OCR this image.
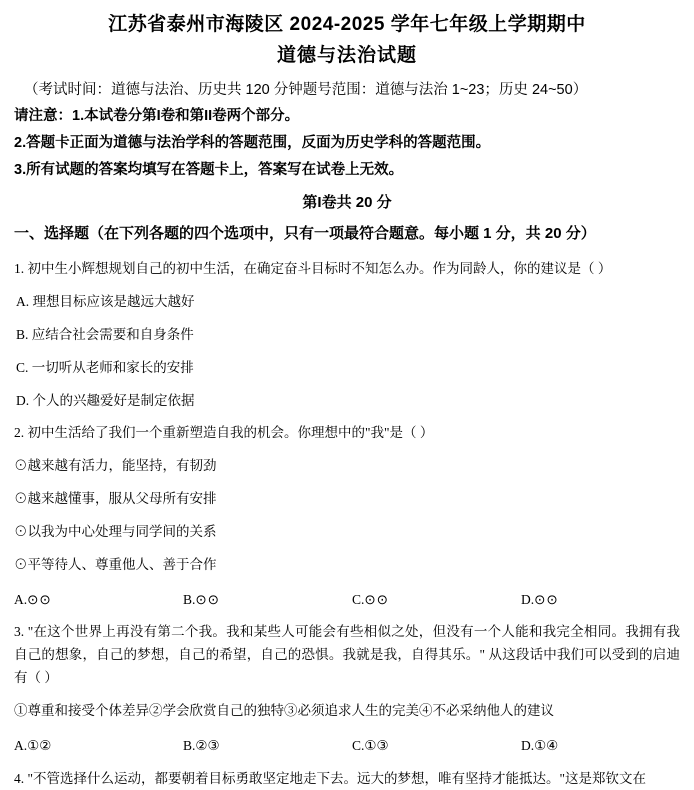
江苏省泰州市海陵区 2024-2025 学年七年级上学期期中
道德与法治试题
（考试时间：道德与法治、历史共 120 分钟题号范围：道德与法治 1~23；历史 24~50）
请注意：1.本试卷分第I卷和第II卷两个部分。
2.答题卡正面为道德与法治学科的答题范围，反面为历史学科的答题范围。
3.所有试题的答案均填写在答题卡上，答案写在试卷上无效。
第I卷共 20 分
一、选择题（在下列各题的四个选项中，只有一项最符合题意。每小题 1 分，共 20 分）
1. 初中生小辉想规划自己的初中生活，在确定奋斗目标时不知怎么办。作为同龄人，你的建议是（ ）
A. 理想目标应该是越远大越好
B. 应结合社会需要和自身条件
C. 一切听从老师和家长的安排
D. 个人的兴趣爱好是制定依据
2. 初中生活给了我们一个重新塑造自我的机会。你理想中的"我"是（ ）
⊙越来越有活力，能坚持，有韧劲
⊙越来越懂事，服从父母所有安排
⊙以我为中心处理与同学间的关系
⊙平等待人、尊重他人、善于合作
A.⊙⊙	B.⊙⊙	C.⊙⊙	D.⊙⊙
3. "在这个世界上再没有第二个我。我和某些人可能会有些相似之处，但没有一个人能和我完全相同。我拥有我自己的想象，自己的梦想，自己的希望，自己的恐惧。我就是我，自得其乐。" 从这段话中我们可以受到的启迪有（ ）
①尊重和接受个体差异②学会欣赏自己的独特③必须追求人生的完美④不必采纳他人的建议
A.①②	B.②③	C.①③	D.①④
4. "不管选择什么运动，都要朝着目标勇敢坚定地走下去。远大的梦想，唯有坚持才能抵达。"这是郑钦文在
